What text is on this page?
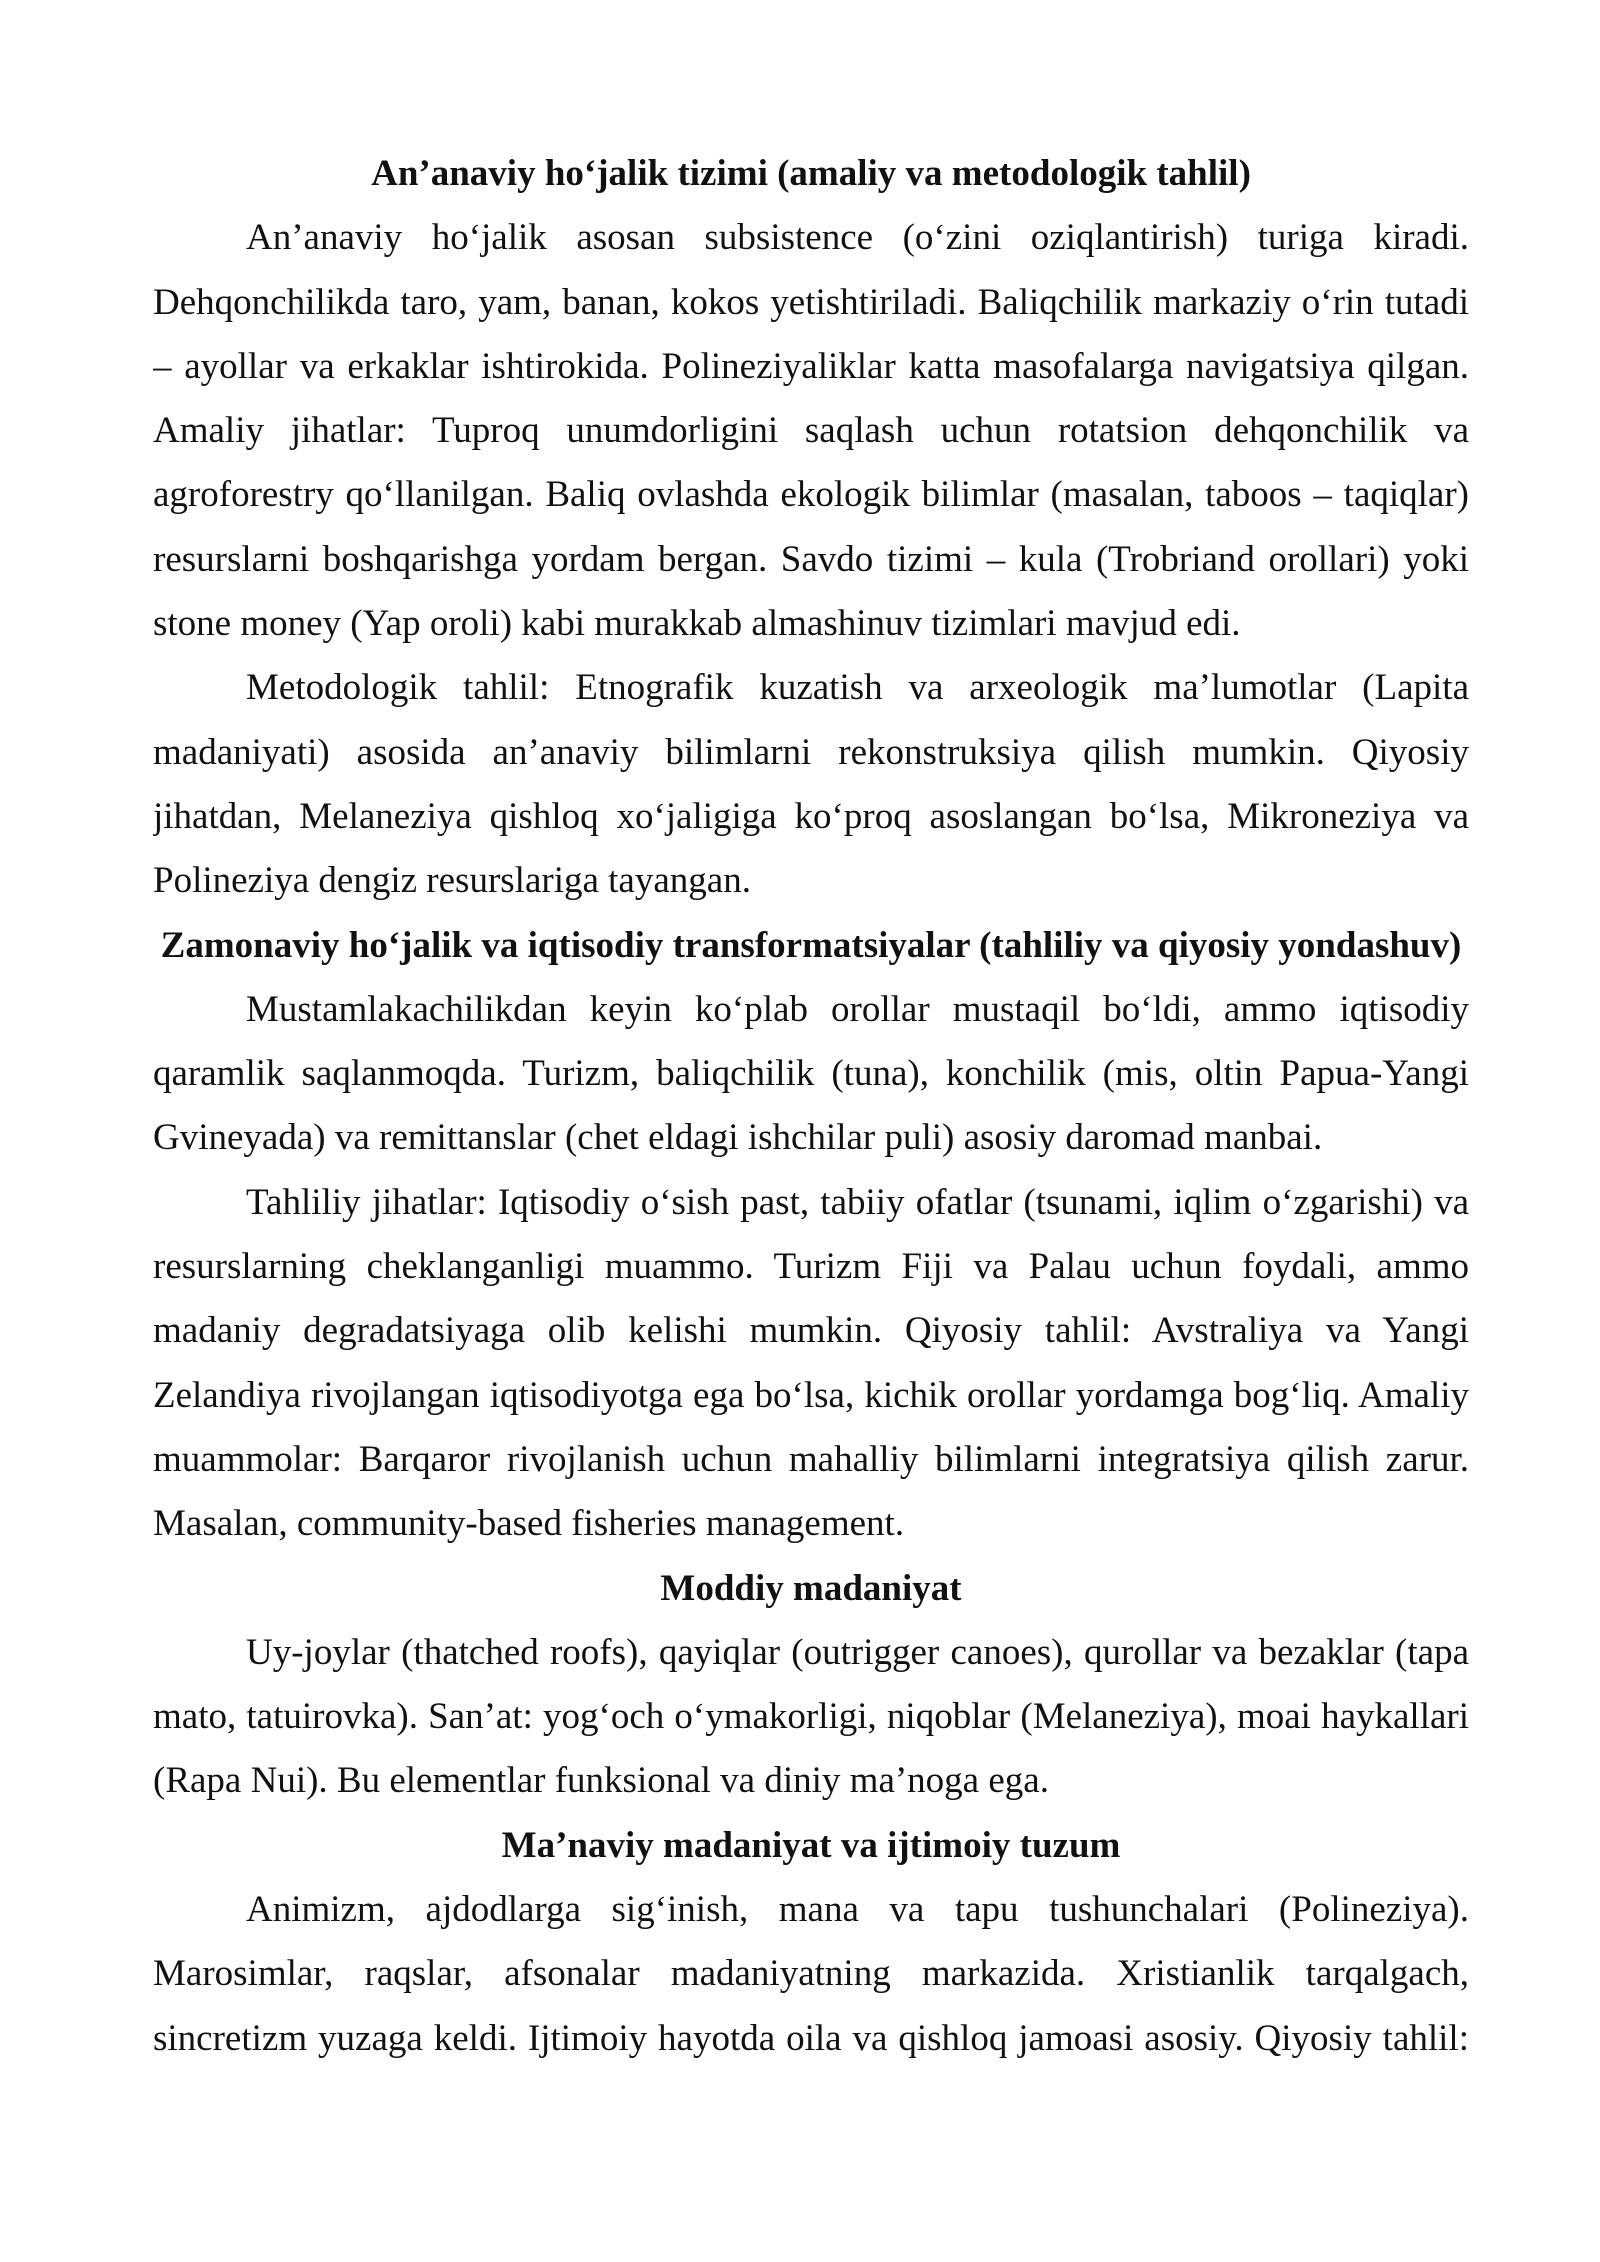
An’anaviy ho‘jalik tizimi (amaliy va metodologik tahlil)
An’anaviy ho‘jalik asosan subsistence (o‘zini oziqlantirish) turiga kiradi.
Dehqonchilikda taro, yam, banan, kokos yetishtiriladi. Baliqchilik markaziy o‘rin tutadi
– ayollar va erkaklar ishtirokida. Polineziyaliklar katta masofalarga navigatsiya qilgan.
Amaliy jihatlar: Tuproq unumdorligini saqlash uchun rotatsion dehqonchilik va
agroforestry qo‘llanilgan. Baliq ovlashda ekologik bilimlar (masalan, taboos – taqiqlar)
resurslarni boshqarishga yordam bergan. Savdo tizimi – kula (Trobriand orollari) yoki
stone money (Yap oroli) kabi murakkab almashinuv tizimlari mavjud edi.
Metodologik tahlil: Etnografik kuzatish va arxeologik ma’lumotlar (Lapita
madaniyati) asosida an’anaviy bilimlarni rekonstruksiya qilish mumkin. Qiyosiy
jihatdan, Melaneziya qishloq xo‘jaligiga ko‘proq asoslangan bo‘lsa, Mikroneziya va
Polineziya dengiz resurslariga tayangan.
Zamonaviy ho‘jalik va iqtisodiy transformatsiyalar (tahliliy va qiyosiy yondashuv)
Mustamlakachilikdan keyin ko‘plab orollar mustaqil bo‘ldi, ammo iqtisodiy
qaramlik saqlanmoqda. Turizm, baliqchilik (tuna), konchilik (mis, oltin Papua-Yangi
Gvineyada) va remittanslar (chet eldagi ishchilar puli) asosiy daromad manbai.
Tahliliy jihatlar: Iqtisodiy o‘sish past, tabiiy ofatlar (tsunami, iqlim o‘zgarishi) va
resurslarning cheklanganligi muammo. Turizm Fiji va Palau uchun foydali, ammo
madaniy degradatsiyaga olib kelishi mumkin. Qiyosiy tahlil: Avstraliya va Yangi
Zelandiya rivojlangan iqtisodiyotga ega bo‘lsa, kichik orollar yordamga bog‘liq. Amaliy
muammolar: Barqaror rivojlanish uchun mahalliy bilimlarni integratsiya qilish zarur.
Masalan, community-based fisheries management.
Moddiy madaniyat
Uy-joylar (thatched roofs), qayiqlar (outrigger canoes), qurollar va bezaklar (tapa
mato, tatuirovka). San’at: yog‘och o‘ymakorligi, niqoblar (Melaneziya), moai haykallari
(Rapa Nui). Bu elementlar funksional va diniy ma’noga ega.
Ma’naviy madaniyat va ijtimoiy tuzum
Animizm, ajdodlarga sig‘inish, mana va tapu tushunchalari (Polineziya).
Marosimlar, raqslar, afsonalar madaniyatning markazida. Xristianlik tarqalgach,
sincretizm yuzaga keldi. Ijtimoiy hayotda oila va qishloq jamoasi asosiy. Qiyosiy tahlil:
